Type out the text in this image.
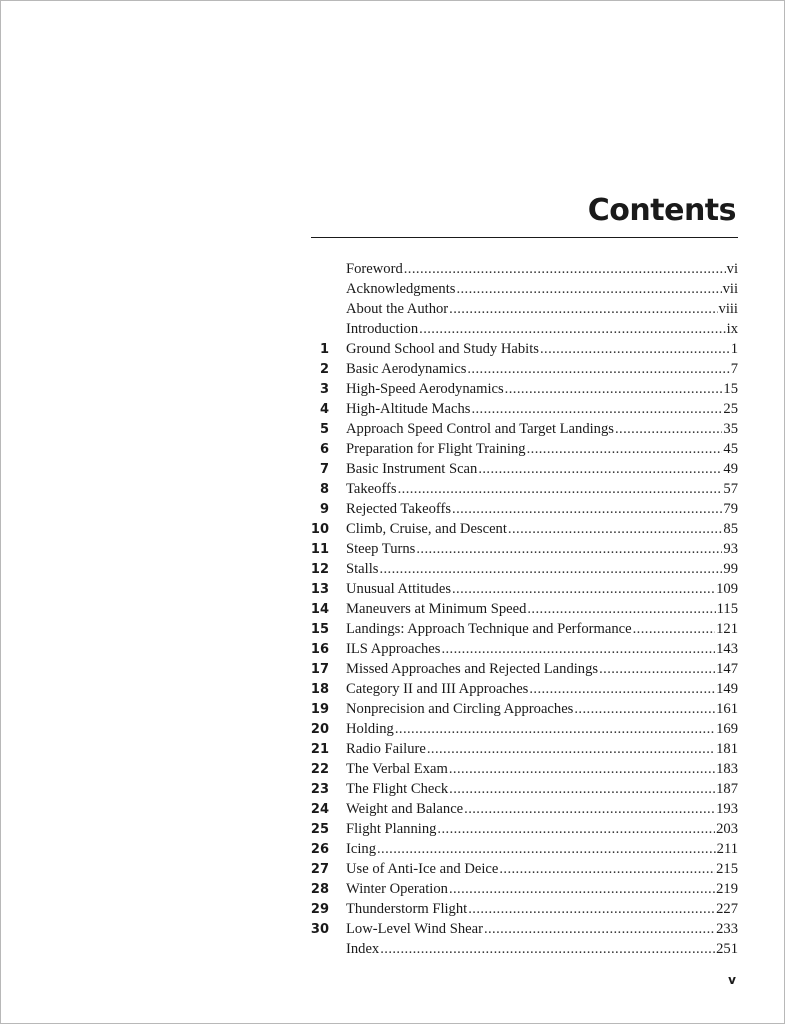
Contents
Foreword .....	vi
Acknowledgments .....	vii
About the Author .....	viii
Introduction .....	ix
1 Ground School and Study Habits .....	1
2 Basic Aerodynamics .....	7
3 High-Speed Aerodynamics .....	15
4 High-Altitude Machs .....	25
5 Approach Speed Control and Target Landings .....	35
6 Preparation for Flight Training .....	45
7 Basic Instrument Scan .....	49
8 Takeoffs .....	57
9 Rejected Takeoffs .....	79
10 Climb, Cruise, and Descent .....	85
11 Steep Turns .....	93
12 Stalls .....	99
13 Unusual Attitudes .....	109
14 Maneuvers at Minimum Speed .....	115
15 Landings: Approach Technique and Performance .....	121
16 ILS Approaches .....	143
17 Missed Approaches and Rejected Landings .....	147
18 Category II and III Approaches .....	149
19 Nonprecision and Circling Approaches .....	161
20 Holding .....	169
21 Radio Failure .....	181
22 The Verbal Exam .....	183
23 The Flight Check .....	187
24 Weight and Balance .....	193
25 Flight Planning .....	203
26 Icing .....	211
27 Use of Anti-Ice and Deice .....	215
28 Winter Operation .....	219
29 Thunderstorm Flight .....	227
30 Low-Level Wind Shear .....	233
Index .....	251
v
